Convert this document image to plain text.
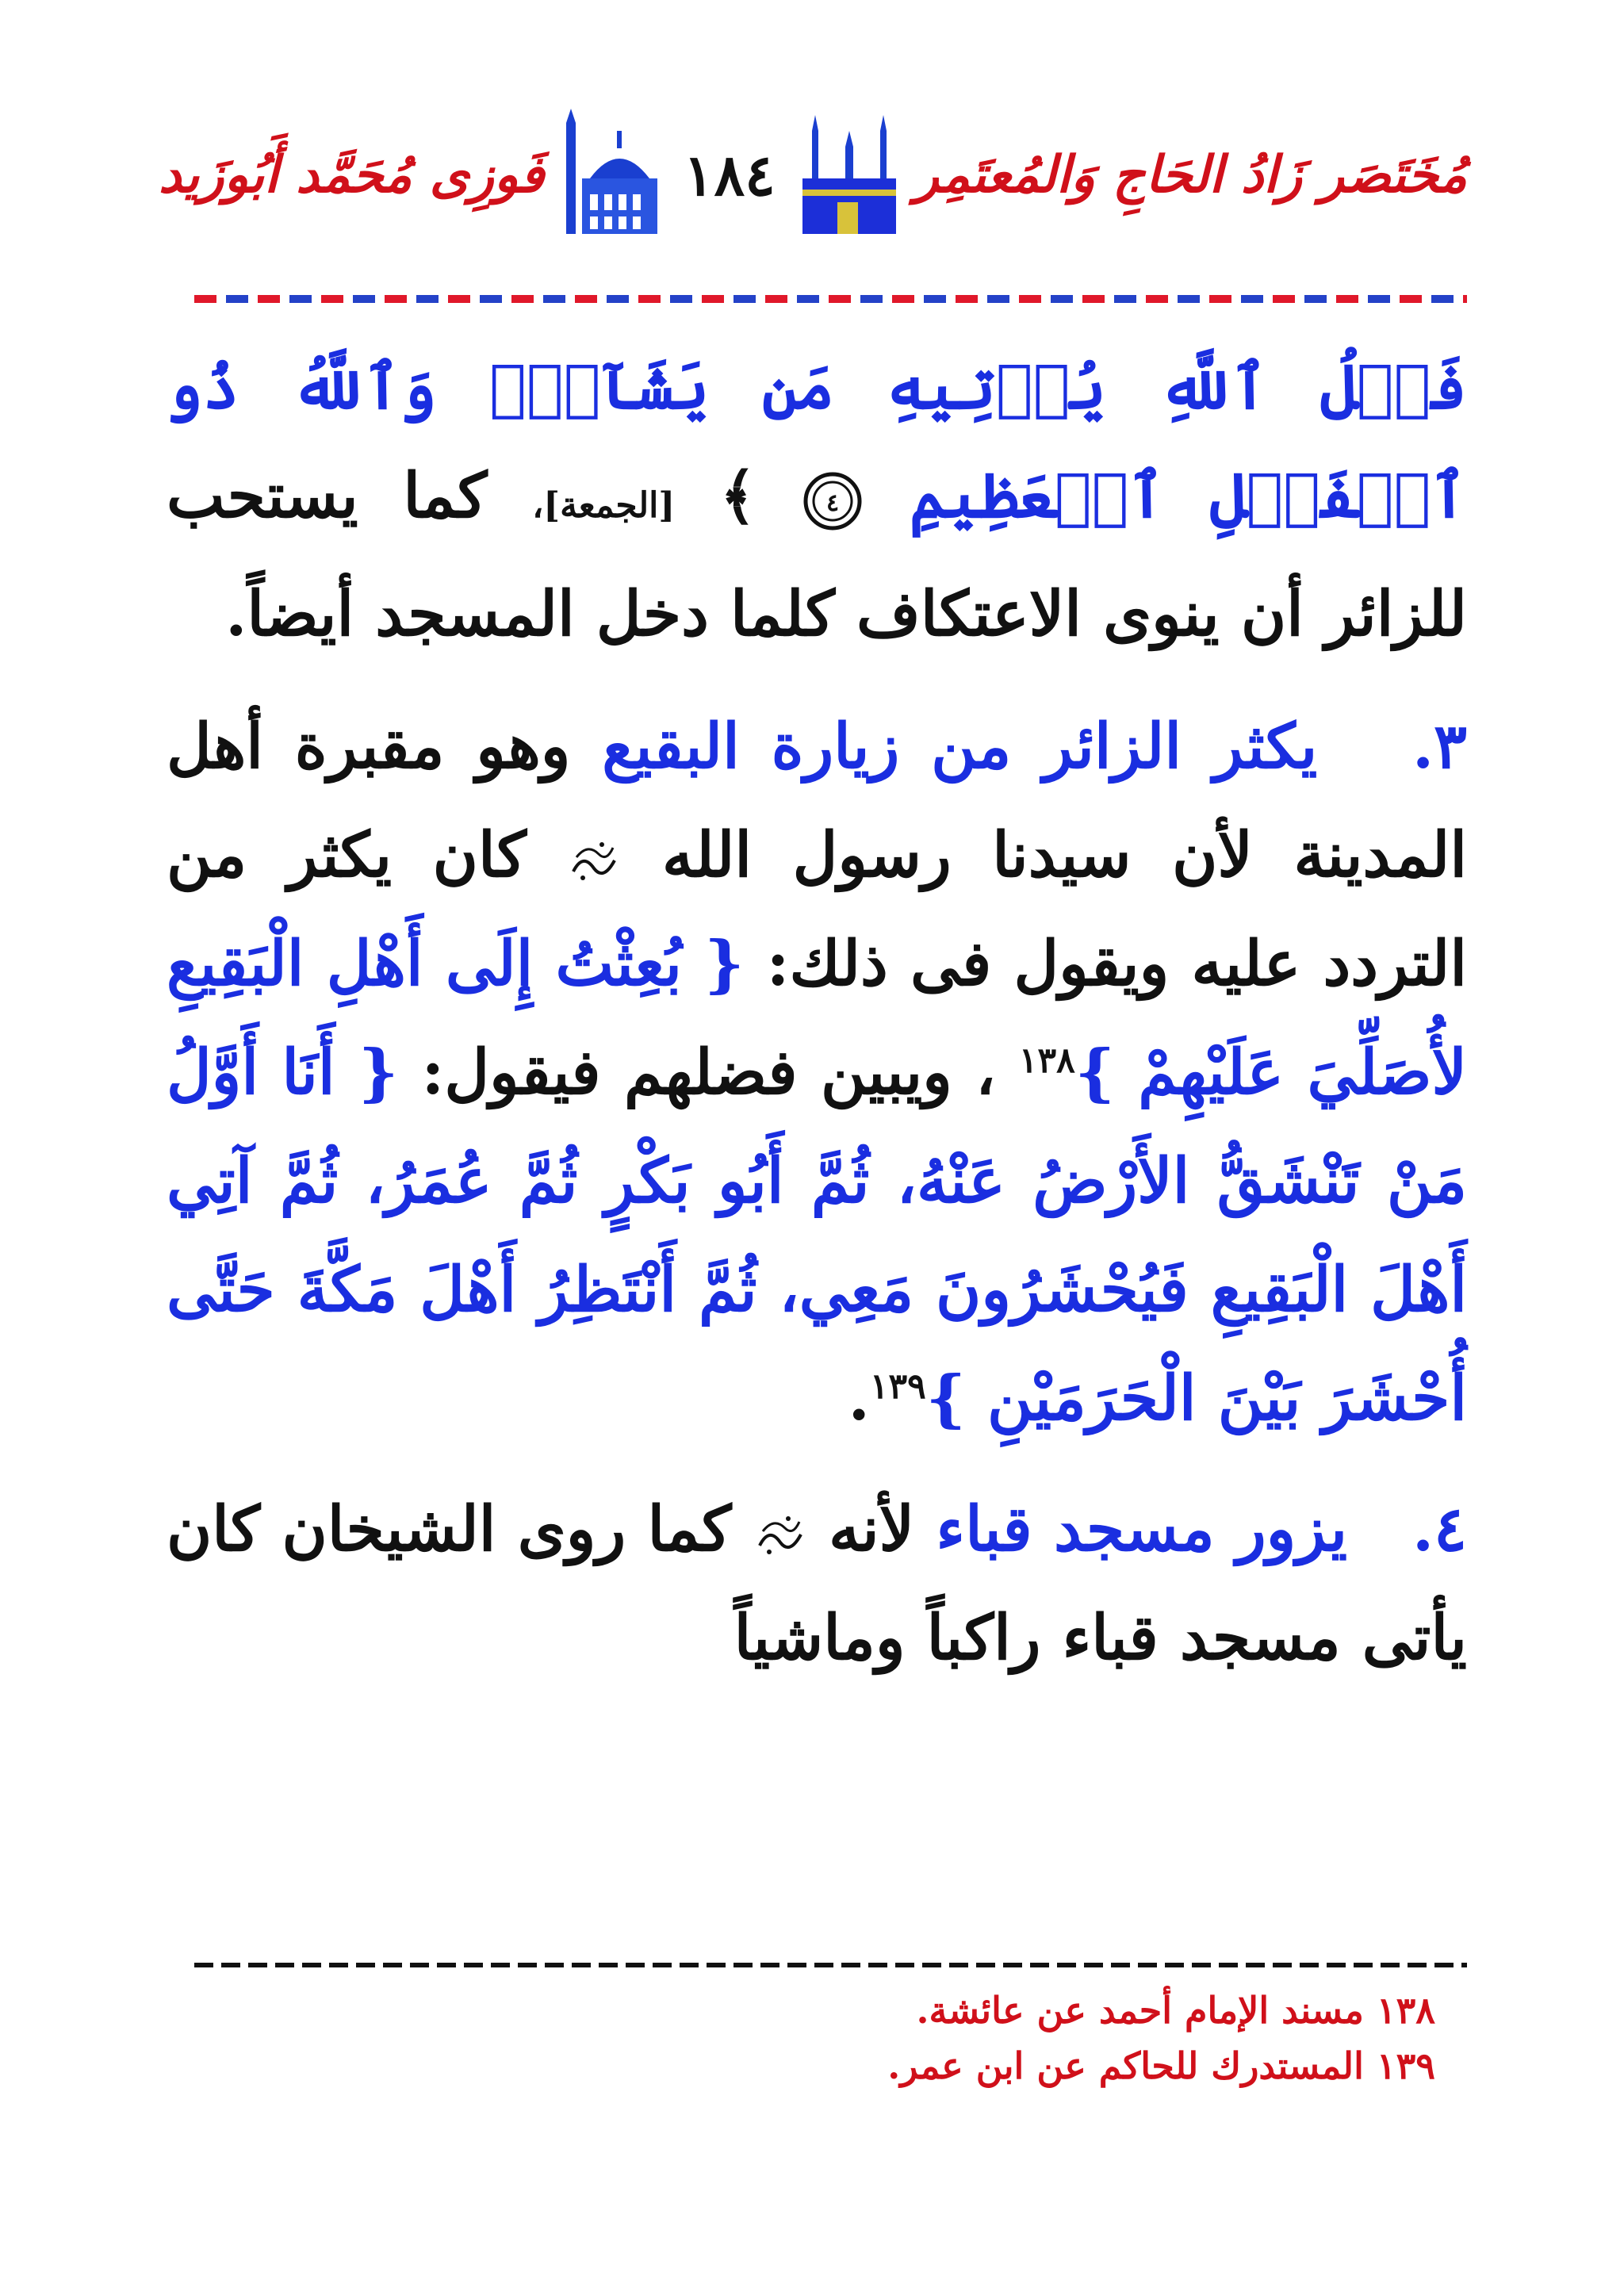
مُخَتَصَر زَادُ الحَاجِ وَالمُعتَمِر
١٨٤
فَوزِى مُحَمَّد أَبُوزَيد

فَضۡلُ ٱللَّهِ يُؤۡتِيهِ مَن يَشَآءُۚ وَٱللَّهُ ذُو ٱلۡفَضۡلِ ٱلۡعَظِيمِ
٤
﴾ [الجمعة]، كما يستحب للزائر أن ينوى الاعتكاف كلما دخل المسجد أيضاً.

٣.   يكثر الزائر من زيارة البقيع وهو مقبرة أهل المدينة لأن سيدنا رسول الله  كان يكثر من التردد عليه ويقول فى ذلك: { بُعِثْتُ إِلَى أَهْلِ الْبَقِيعِ لأُصَلِّيَ عَلَيْهِمْ }$^{١٣٨}$ ، ويبين فضلهم فيقول: { أَنَا أَوَّلُ مَنْ تَنْشَقُّ الأَرْضُ عَنْهُ، ثُمَّ أَبُو بَكْرٍ ثُمَّ عُمَرُ، ثُمَّ آتِي أَهْلَ الْبَقِيعِ فَيُحْشَرُونَ مَعِي، ثُمَّ أَنْتَظِرُ أَهْلَ مَكَّةَ حَتَّى أُحْشَرَ بَيْنَ الْحَرَمَيْنِ }$^{١٣٩}$.

٤.   يزور مسجد قباء لأنه  كما روى الشيخان كان يأتى مسجد قباء راكباً وماشياً

١٣٨ مسند الإمام أحمد عن عائشة.
١٣٩ المستدرك للحاكم عن ابن عمر.
